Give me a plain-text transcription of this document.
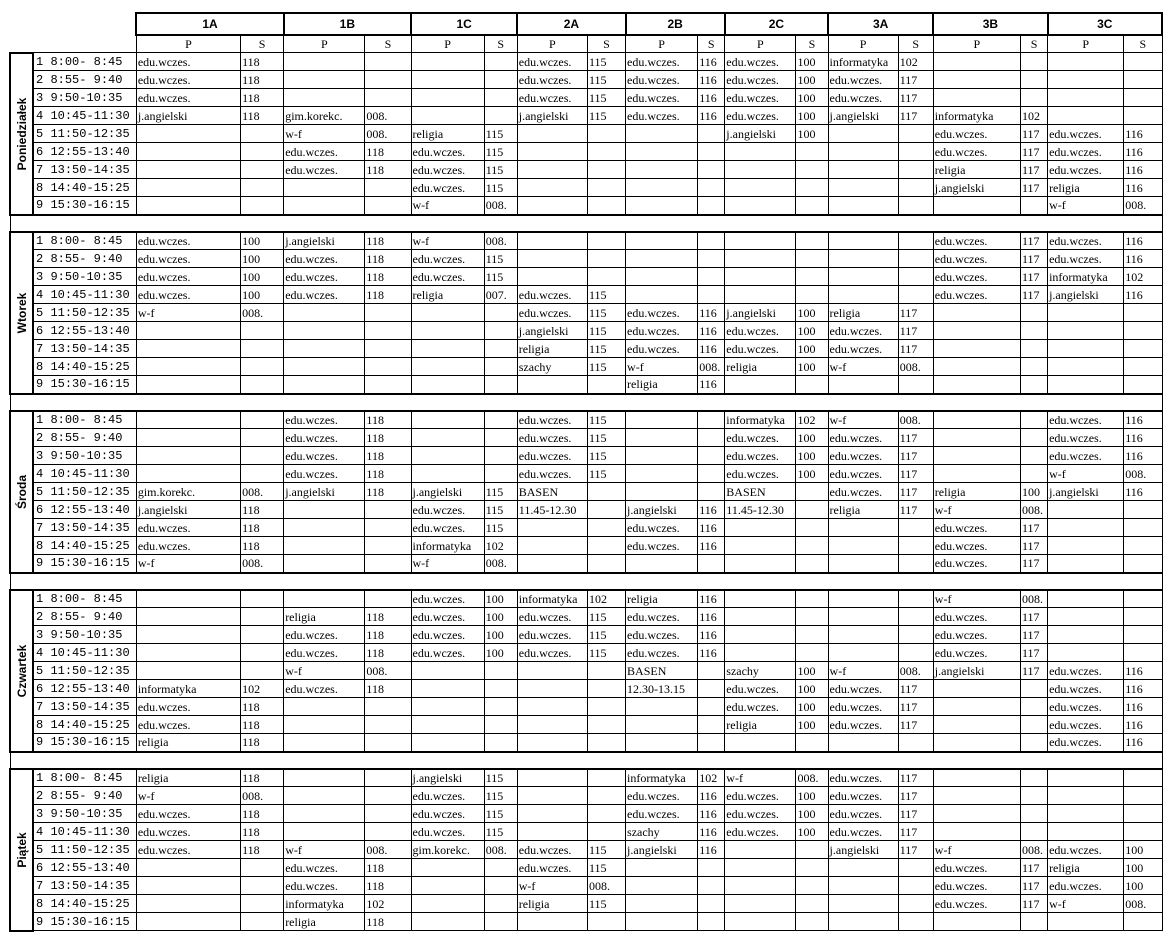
		1A		1B		1C		2A		2B		2C		3A		3B		3C	
		P	S	P	S	P	S	P	S	P	S	P	S	P	S	P	S	P	S

Poniedziałek	1 8:00- 8:45	edu.wczes.	118					edu.wczes.	115	edu.wczes.	116	edu.wczes.	100	informatyka	102				
	2 8:55- 9:40	edu.wczes.	118					edu.wczes.	115	edu.wczes.	116	edu.wczes.	100	edu.wczes.	117				
	3 9:50-10:35	edu.wczes.	118					edu.wczes.	115	edu.wczes.	116	edu.wczes.	100	edu.wczes.	117				
	4 10:45-11:30	j.angielski	118	gim.korekc.	008.			j.angielski	115	edu.wczes.	116	edu.wczes.	100	j.angielski	117	informatyka	102		
	5 11:50-12:35			w-f	008.	religia	115					j.angielski	100			edu.wczes.	117	edu.wczes.	116
	6 12:55-13:40			edu.wczes.	118	edu.wczes.	115									edu.wczes.	117	edu.wczes.	116
	7 13:50-14:35			edu.wczes.	118	edu.wczes.	115									religia	117	edu.wczes.	116
	8 14:40-15:25					edu.wczes.	115									j.angielski	117	religia	116
	9 15:30-16:15					w-f	008.											w-f	008.

Wtorek	1 8:00- 8:45	edu.wczes.	100	j.angielski	118	w-f	008.									edu.wczes.	117	edu.wczes.	116
	2 8:55- 9:40	edu.wczes.	100	edu.wczes.	118	edu.wczes.	115									edu.wczes.	117	edu.wczes.	116
	3 9:50-10:35	edu.wczes.	100	edu.wczes.	118	edu.wczes.	115									edu.wczes.	117	informatyka	102
	4 10:45-11:30	edu.wczes.	100	edu.wczes.	118	religia	007.	edu.wczes.	115							edu.wczes.	117	j.angielski	116
	5 11:50-12:35	w-f	008.					edu.wczes.	115	edu.wczes.	116	j.angielski	100	religia	117				
	6 12:55-13:40							j.angielski	115	edu.wczes.	116	edu.wczes.	100	edu.wczes.	117				
	7 13:50-14:35							religia	115	edu.wczes.	116	edu.wczes.	100	edu.wczes.	117				
	8 14:40-15:25							szachy	115	w-f	008.	religia	100	w-f	008.				
	9 15:30-16:15									religia	116								

Środa	1 8:00- 8:45			edu.wczes.	118			edu.wczes.	115			informatyka	102	w-f	008.			edu.wczes.	116
	2 8:55- 9:40			edu.wczes.	118			edu.wczes.	115			edu.wczes.	100	edu.wczes.	117			edu.wczes.	116
	3 9:50-10:35			edu.wczes.	118			edu.wczes.	115			edu.wczes.	100	edu.wczes.	117			edu.wczes.	116
	4 10:45-11:30			edu.wczes.	118			edu.wczes.	115			edu.wczes.	100	edu.wczes.	117			w-f	008.
	5 11:50-12:35	gim.korekc.	008.	j.angielski	118	j.angielski	115	BASEN				BASEN		edu.wczes.	117	religia	100	j.angielski	116
	6 12:55-13:40	j.angielski	118			edu.wczes.	115	11.45-12.30		j.angielski	116	11.45-12.30		religia	117	w-f	008.		
	7 13:50-14:35	edu.wczes.	118			edu.wczes.	115			edu.wczes.	116					edu.wczes.	117		
	8 14:40-15:25	edu.wczes.	118			informatyka	102			edu.wczes.	116					edu.wczes.	117		
	9 15:30-16:15	w-f	008.			w-f	008.									edu.wczes.	117		

Czwartek	1 8:00- 8:45					edu.wczes.	100	informatyka	102	religia	116					w-f	008.		
	2 8:55- 9:40			religia	118	edu.wczes.	100	edu.wczes.	115	edu.wczes.	116					edu.wczes.	117		
	3 9:50-10:35			edu.wczes.	118	edu.wczes.	100	edu.wczes.	115	edu.wczes.	116					edu.wczes.	117		
	4 10:45-11:30			edu.wczes.	118	edu.wczes.	100	edu.wczes.	115	edu.wczes.	116					edu.wczes.	117		
	5 11:50-12:35			w-f	008.					BASEN		szachy	100	w-f	008.	j.angielski	117	edu.wczes.	116
	6 12:55-13:40	informatyka	102	edu.wczes.	118					12.30-13.15		edu.wczes.	100	edu.wczes.	117			edu.wczes.	116
	7 13:50-14:35	edu.wczes.	118									edu.wczes.	100	edu.wczes.	117			edu.wczes.	116
	8 14:40-15:25	edu.wczes.	118									religia	100	edu.wczes.	117			edu.wczes.	116
	9 15:30-16:15	religia	118															edu.wczes.	116

Piątek	1 8:00- 8:45	religia	118			j.angielski	115			informatyka	102	w-f	008.	edu.wczes.	117				
	2 8:55- 9:40	w-f	008.			edu.wczes.	115			edu.wczes.	116	edu.wczes.	100	edu.wczes.	117				
	3 9:50-10:35	edu.wczes.	118			edu.wczes.	115			edu.wczes.	116	edu.wczes.	100	edu.wczes.	117				
	4 10:45-11:30	edu.wczes.	118			edu.wczes.	115			szachy	116	edu.wczes.	100	edu.wczes.	117				
	5 11:50-12:35	edu.wczes.	118	w-f	008.	gim.korekc.	008.	edu.wczes.	115	j.angielski	116			j.angielski	117	w-f	008.	edu.wczes.	100
	6 12:55-13:40			edu.wczes.	118			edu.wczes.	115							edu.wczes.	117	religia	100
	7 13:50-14:35			edu.wczes.	118			w-f	008.							edu.wczes.	117	edu.wczes.	100
	8 14:40-15:25			informatyka	102			religia	115							edu.wczes.	117	w-f	008.
	9 15:30-16:15			religia	118														
